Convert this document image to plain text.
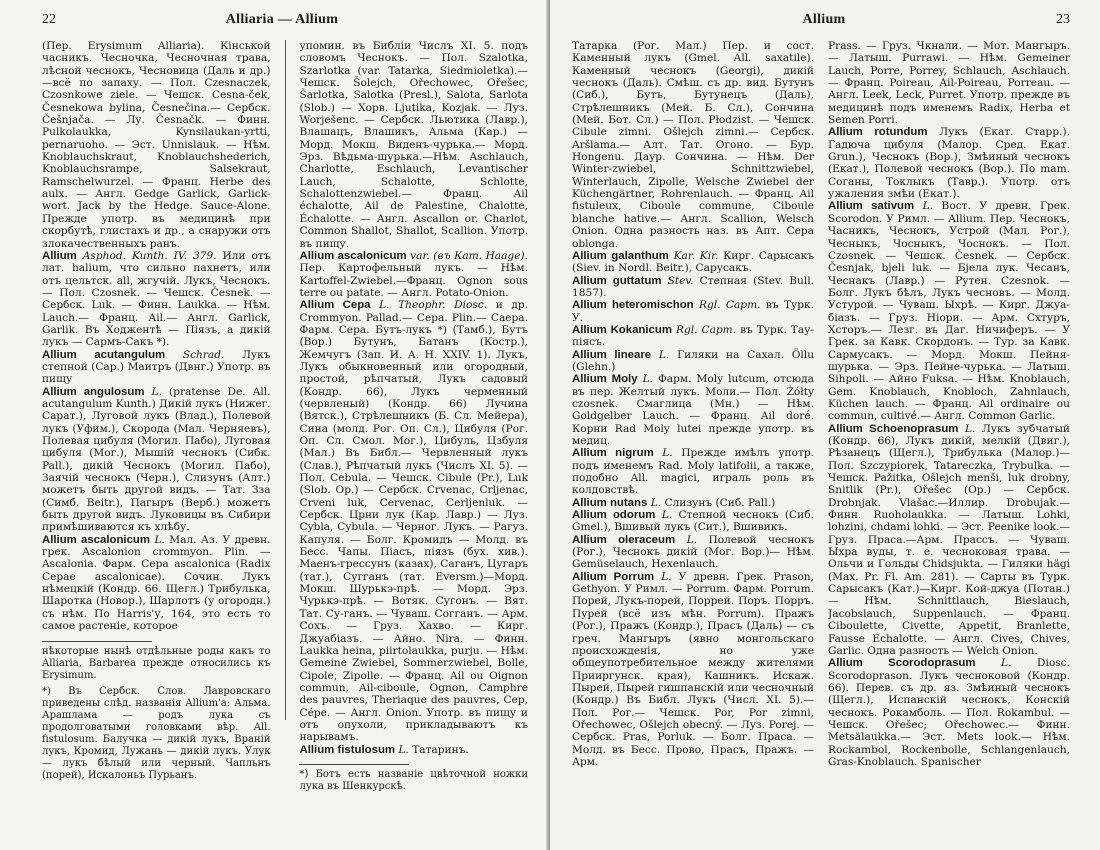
22	Alliaria — Allium

(Пер. Erysimum Alliaria). Кінськой часникъ. Чесночка, Чесночная травa, лѣсной чеснокъ, Чесновица (Даль и др.)—всё по запаху. — Пол. Czesnaczek, Czosnkowe ziele. — Чешск. Cesna-ček, Česnekowa bylina, Česnečina.— Сербск. Češnjača. — Лу. Česnačk. — Финн. Pulkolaukka, Kynsilaukan-yrtti, pernaruoho. — Эст. Unnislauk. — Нѣм. Knoblauchskraut, Knoblauchshederich, Knoblauchsrampe, Salsekraut, Ramschelwurzel. — Франц. Herbe des aulx. — Англ. Gedge Garlick, Garlick-wort. Jack by the Hedge. Sauce-Alone. Прежде употр. въ медицинѣ при скорбутѣ, глистахъ и др., а снаружи отъ злокачественныхъ ранъ.

Allium Asphod. Kunth. IV. 379. Или отъ лат. halium, что сильно пахнетъ, или отъ цельтск. all, жгучій. Лукъ, Чеснокъ. — Пол. Czosnek. — Чешск. Česnek. — Сербск. Luk. — Финн. Laukka. — Нѣм. Lauch.— Франц. Ail.— Англ. Garlick, Garlik. Въ Ходжентѣ — Піязъ, а дикій лукъ — Сармъ-Сакъ *).

Allium acutangulum Schrad. Лукъ степной (Сар.) Маитръ (Двнг.) Употр. въ пищу

Allium angulosum L. (pratense De. All. acutangulum Kunth.) Дикій лукъ (Нижег. Сарат.), Луговой лукъ (Влад.), Полевой лукъ (Уфим.), Скорода (Мал. Черняевъ), Полевая цибуля (Могил. Пабо), Луговая цибуля (Мог.), Мышій чеснокъ (Сибк. Pall.), дикій Чеснокъ (Могил. Пабо), Заячій чеснокъ (Черн.), Слизунъ (Алт.) можетъ быть другой видъ. — Тат. Зза (Симб. Beitr.), Пагыръ (Верб.) можетъ быть другой видъ. Луковицы въ Сибири примѣшиваются къ хлѣбу.

Allium ascalonicum L. Мал. Аз. У древн. грек. Ascalonion crommyon. Plin. — Ascalonia. Фарм. Cepa ascalonica (Radix Cepae ascalonicae). Сочин. Лукъ нѣмецкій (Кондр. 66. Щегл.) Трибулька, Шаротка (Новор.), Шарлотъ (у огородн.) съ нѣм. По Harris'у, 164, это есть то самое растеніе, которое

нѣкоторые нынѣ отдѣльные роды какъ то Alliaria, Barbarea прежде относились къ Erysimum.

*) Въ Сербск. Слов. Лавровскаго приведены слѣд. названія Allium'а: Альма. Арашлама — родъ лука съ продолговатыми головками вѣр. All. fistulosum. Балучка — дикій лукъ, Враній лукъ, Кромид, Лужань — дикій лукъ. Улук — лукъ бѣлый или черный. Чапльнъ (порей), Искалоньъ Пурьанъ.

упомин. въ Библіи Числъ XI. 5. подъ словомъ Чеснокъ. — Пол. Szalotka, Szarlotka (var. Tatarka, Siedmioletka).— Чешск. Šolejch, Ořechowec, Ořešec, Šarlotka, Salotka (Presl.), Salota, Sarlota (Slob.) — Хорв. Ljutika, Kozjak. — Луз. Worješenc. — Сербск. Льютика (Лавр.), Влашацъ, Влашикъ, Альма (Кар.) — Морд. Мокш. Виденъ-чурька.— Морд. Эрз. Вѣдьма-шурька.—Нѣм. Aschlauch, Charlotte, Eschlauch, Levantischer Lauch, Schalotte, Schlotte, Schalottenzwiebel.— Франц. Ail échalotte, Ail de Palestine, Chalotte, Échalotte. — Англ. Ascallon or. Charlot, Common Shallot, Shallot, Scallion. Употр. въ пищу.

Allium ascalonicum var. (въ Кат. Haage). Пер. Картофельный лукъ. — Нѣм. Kartoffel-Zwiebel.—Франц. Ognon sous terre ou patate. — Англ. Potato-Onion.

Allium Cepa L. Theophr. Diosc. и др. Crommyon. Pallad.— Cepa. Plin.— Саера. Фарм. Cepa. Бутъ-лукъ *) (Тамб.), Бутъ (Вор.) Бутунъ, Батанъ (Костр.), Жемчугъ (Зап. И. А. Н. XXIV. 1). Лукъ, Лукъ обыкновенный или огородный, простой, рѣпчатый, Лукъ садовый (Кондр. 66), Лукъ черменный (червленый) (Кондр. 66) Лучина (Вятск.), Стрѣлешникъ (Б. Сл. Мейера), Сина (молд. Рог. Оп. Сл.), Цибуля (Рог. Оп. Сл. Смол. Мог.), Цибуль, Цзбуля (Мал.) Въ Библ.— Червленный лукъ (Слав.), Рѣпчатый лукъ (Числъ XI. 5). — Пол. Cebula. — Чешск. Cibule (Pr.), Luk (Slob. Op.) — Сербск. Crvenac, Crljenac, Crveni luk, Cervenac, Cerljenluk. — Сербск. Црни лук (Кар. Лавр.) — Луз. Cybla, Cybula. — Черног. Лукъ. — Рагуз. Капуля. — Болг. Кромидъ — Молд. въ Бесс. Чапы. Піасъ, піязъ (бух. хив.). Маенъ-грессунъ (казах), Саганъ, Цугаръ (тат.), Сугганъ (тат. Eversm.)—Морд. Мокш. Шурькэ-прѣ. — Морд. Эрз. Чурькэ-прѣ. — Вотяк. Сугонъ. — Вят. Тат. Су-ганъ. — Чуваш. Согганъ. — Арм. Сохъ. — Груз. Хахво. — Кирг. Джуабіазъ. — Айно. Nira. — Финн. Laukka heina, piirtolaukka, purju. — Нѣм. Gemeine Zwiebel, Sommerzwiebel, Bolle, Cipole, Zipolle. — Франц. Ail ou Oignon commun, Ail-ciboule, Ognon, Camphre des pauvres, Theriaque des pauvres, Cep, Cépe. — Англ. Onion. Употр. въ пищу и отъ опухоли, прикладываютъ къ нарывамъ.

Allium fistulosum L. Татаринъ.

*) Ботъ есть названіе цвѣточной ножки лука въ Шенкурскѣ.

Allium	23

Татарка (Рог. Мал.) Пер. и сост. Каменный лукъ (Gmel. All. saxatile). Каменный чеснокъ (Georgi), дикій чеснокъ (Даль). Смѣш. съ др. вид. Бутунъ (Сиб.), Бутъ, Бутунецъ (Даль), Стрѣлешникъ (Мей. Б. Сл.), Сончина (Мей. Бот. Сл.) — Пол. Płodzist. — Чешск. Cibule zimni. Ošlejch zimni.— Сербск. Aršlama.— Алт. Тат. Огоно. — Бур. Hongenu. Даур. Сончина. — Нѣм. Der Winter-zwiebel, Schnittzwiebel, Winterlauch, Zipolle, Welsche Zwiebel der Küchengärtner, Rohrenlauch. — Франц. Ail fistuleux, Ciboule commune, Ciboule blanche hative.— Англ. Scallion, Welsch Onion. Одна разность наз. въ Апт. Cepa oblonga.

Allium galanthum Kar. Kir. Кирг. Сарысакъ (Siev. in Nordl. Beitr.), Сарусакъ.

Allium guttatum Stev. Степная (Stev. Bull. 1857).

Allium heteromischon Rgl. Сарт. въ Турк. У.

Allium Kokanicum Rgl. Сарт. въ Турк. Тау-піясъ.

Allium lineare L. Гиляки на Сахал. Öllu (Glehn.)

Allium Moly L. Фарм. Moly lutcum, отсюда въ пер. Желтый лукъ. Моли.— Пол. Żółty czosnek. Смаглица (Мн.) — Нѣм. Goldgelber Lauch. — Франц. Ail doré. Корни Rad Moly lutei прежде употр. въ медиц.

Allium nigrum L. Прежде имѣлъ употр. подъ именемъ Rad. Moly latifolii, а также, подобно All. magici, играль роль въ колдовствѣ.

Allium nutans L. Слизунъ (Сиб. Pall.)

Allium odorum L. Степной чеснокъ (Сиб. Gmel.), Вшивый лукъ (Сит.), Вшивикъ.

Allium oleraceum L. Полевой чеснокъ (Рог.), Чеснокъ дикій (Мог. Вор.)— Нѣм. Gemüselauch, Hexenlauch.

Allium Porrum L. У древн. Грек. Prason, Gethyon. У Римл. — Porrum. Фарм. Porrum. Порей, Лукъ-порей, Поррей. Поръ. Порръ. Пурей (всё изъ мѣн. Porrum). Пражъ (Рог.), Пражъ (Кондр.), Прасъ (Даль) — съ греч. Мангыръ (явно монгольскаго происхожденія, но уже общеупотребительное между жителями Прииргунск. края), Кашникъ. Искаж. Пырей, Пырей гишпанскій или чесночный (Кондр.) Въ Библ. Лукъ (Числ. XI. 5).— Пол. Рог.— Чешск. Por, Por zimni, Ořechowec, Ošlejch obecný. — Луз. Porej. — Сербск. Pras, Porluk. — Болг. Праса. — Молд. въ Бесс. Прово, Прасъ, Пражъ. — Арм.

Prass. — Груз. Чкнали. — Мот. Мангыръ. — Латыш. Purrawi. — Нѣм. Gemeiner Lauch, Porre, Porrey, Schlauch, Aschlauch. — Франц. Poireau, Ail-Poireau, Porreau. — Англ. Leek, Lеck, Purret. Употр. прежде въ медицинѣ подъ именемъ Radix, Herba et Semen Porri.

Allium rotundum Лукъ (Екат. Старр.). Гадюча цибуля (Малор. Сред. Екат. Grun.), Чеснокъ (Вор.), Змѣиный чеснокъ (Екат.), Полевой чеснокъ (Вор.). По mam. Соганы, Токлыкъ (Тавр.). Употр. отъ ужаления змѣи (Екат.).

Allium sativum L. Вост. У древн. Грек. Scorodon. У Римл. — Allium. Пер. Чеснокъ, Часникъ, Чеснокъ, Устрой (Мал. Рог.), Чесныкъ, Чосныкъ, Чоснокъ. — Пол. Czosnek. — Чешск. Česnek. — Сербск. Česnjak, bjeli luk. — Бјела лук. Чесанъ, Чеснакъ (Лавр.) — Рутен. Czesnok. — Болг. Лукъ бѣлъ, Лукъ чесновъ. — Молд. Устурой. — Чуваш. Ыхрѣ. — Кирг. Джуа-біазъ. — Груз. Ніори. — Арм. Схтуръ, Хсторъ.— Лезг. въ Даг. Ничиферъ. — У Грек. за Кавк. Скордонъ. — Тур. за Кавк. Сармусакъ. — Морд. Мокш. Пейня-шурька. — Эрз. Пейне-чурька. — Латыш. Sihpoli. — Айно Fuksa. — Нѣм. Knoblauch, Gem. Knoblauch, Knobloch, Zahnlauch, Küchen lauch. — Франц. Ail ordinaire ou commun, cultivé.— Англ. Common Garlic.

Allium Schoenoprasum L. Лукъ зубчатый (Кондр. 66), Лукъ дикій, мелкій (Двиг.), Рѣзанецъ (Щегл.), Трибулька (Малор.)—Пол. Szczypiorek, Tatareczka, Trybulka. — Чешск. Pažitka, Ošlejch menši, luk drobny, Snitlik (Pr.), Ořešec (Op.) — Сербск. Drobnjak. Vlašac.—Иллир. Drobujak.—Финн. Ruoholaukka. — Латыш. Lohki, lohzini, chdami lohki. — Эст. Peenike look.—Груз. Праса.—Арм. Прассъ. — Чуваш. Ыхра вуды, т. е. чесноковая трава. — Ольчи и Гольды Chidsjukta. — Гиляки hägi (Max. Pr. Fl. Am. 281). — Сарты въ Турк. Сарысакъ (Кат.)—Кирг. Кой-джуа (Потан.) — Нѣм. Schnittlauch, Bieslauch, Jacobslauch, Suppenlauch. — Франц. Ciboulette, Civette, Appetit, Branlette, Fausse Echalotte. — Англ. Cives, Chives, Garlic. Одна разность — Welch Onion.

Allium Scorodoprasum L. Diosc. Scorodoprason. Лукъ чесноковой (Кондр. 66). Перев. съ др. яз. Змѣиный чеснокъ (Щегл.), Испанскій чеснокъ, Конскій чеснокъ. Рокамболь. — Пол. Rokambul. — Чешск. Ořešec; Ořechowec.— Финн. Metsälaukka.— Эст. Mets look.— Нѣм. Rockambol, Rockenbolle, Schlangenlauch, Gras-Knoblauch. Spanischer
